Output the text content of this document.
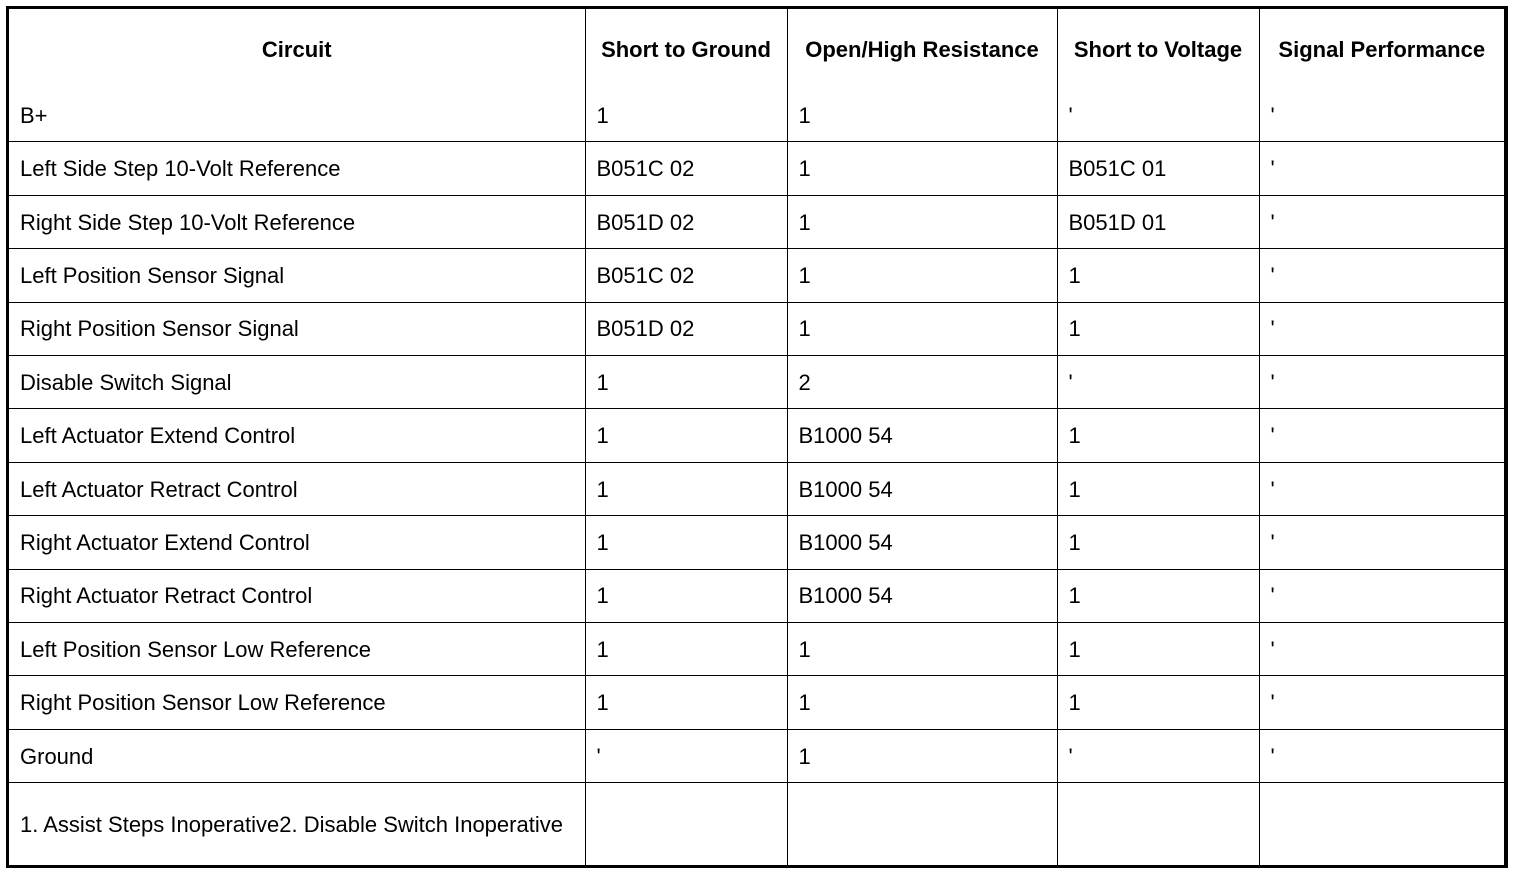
Circuit	Short to Ground	Open/High Resistance	Short to Voltage	Signal Performance
B+	1	1	'	'
Left Side Step 10-Volt Reference	B051C 02	1	B051C 01	'
Right Side Step 10-Volt Reference	B051D 02	1	B051D 01	'
Left Position Sensor Signal	B051C 02	1	1	'
Right Position Sensor Signal	B051D 02	1	1	'
Disable Switch Signal	1	2	'	'
Left Actuator Extend Control	1	B1000 54	1	'
Left Actuator Retract Control	1	B1000 54	1	'
Right Actuator Extend Control	1	B1000 54	1	'
Right Actuator Retract Control	1	B1000 54	1	'
Left Position Sensor Low Reference	1	1	1	'
Right Position Sensor Low Reference	1	1	1	'
Ground	'	1	'	'
1. Assist Steps Inoperative2. Disable Switch Inoperative				
